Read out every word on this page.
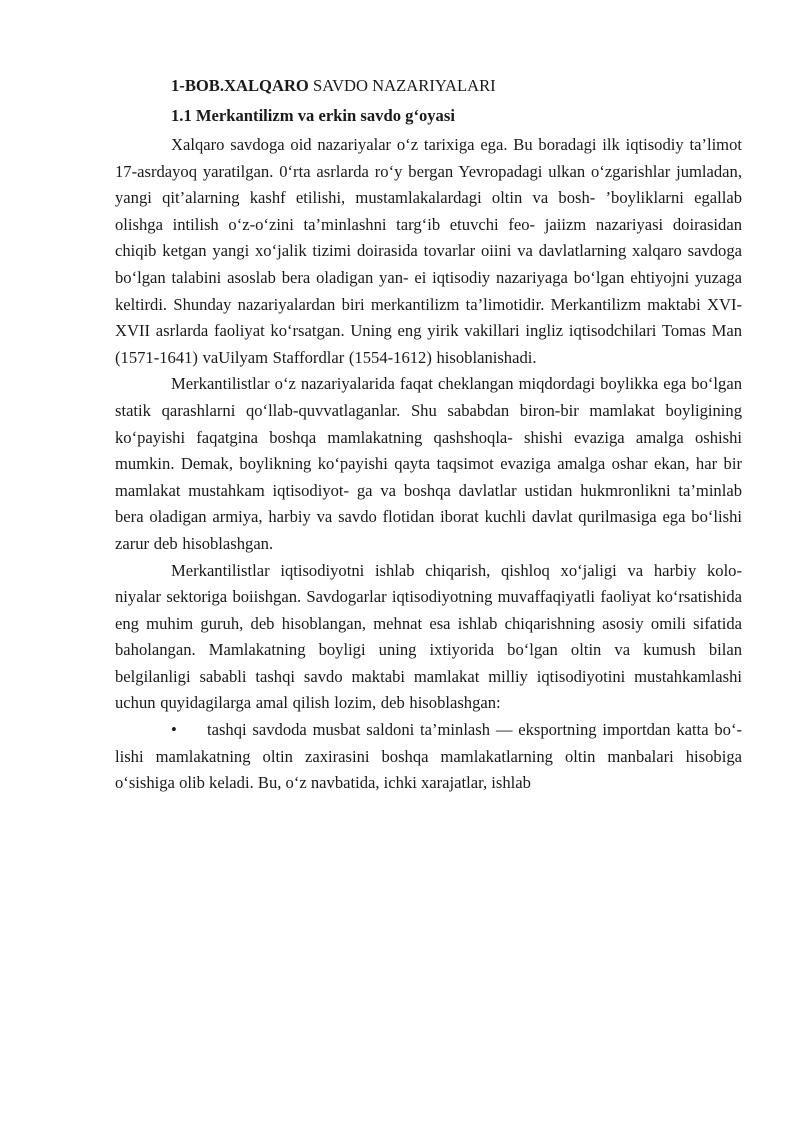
1-BOB.XALQARO SAVDO NAZARIYALARI
1.1 Merkantilizm va erkin savdo g‘oyasi

Xalqaro savdoga oid nazariyalar o‘z tarixiga ega. Bu boradagi ilk iqtisodiy ta’limot 17-asrdayoq yaratilgan. 0‘rta asrlarda ro‘y bergan Yevropadagi ulkan o‘zgarishlar jumladan, yangi qit’alarning kashf etilishi, mustamlakalardagi oltin va bosh- ’boyliklarni egallab olishga intilish o‘z-o‘zini ta’minlashni targ‘ib etuvchi feo- jaiizm nazariyasi doirasidan chiqib ketgan yangi xo‘jalik tizimi doirasida tovarlar oiini va davlatlarning xalqaro savdoga bo‘lgan talabini asoslab bera oladigan yan- ei iqtisodiy nazariyaga bo‘lgan ehtiyojni yuzaga keltirdi. Shunday nazariyalardan biri merkantilizm ta’limotidir. Merkantilizm maktabi XVI-XVII asrlarda faoliyat ko‘rsatgan. Uning eng yirik vakillari ingliz iqtisodchilari Tomas Man (1571-1641) vaUilyam Staffordlar (1554-1612) hisoblanishadi.

Merkantilistlar o‘z nazariyalarida faqat cheklangan miqdordagi boylikka ega bo‘lgan statik qarashlarni qo‘llab-quvvatlaganlar. Shu sababdan biron-bir mamlakat boyligining ko‘payishi faqatgina boshqa mamlakatning qashshoqla- shishi evaziga amalga oshishi mumkin. Demak, boylikning ko‘payishi qayta taqsimot evaziga amalga oshar ekan, har bir mamlakat mustahkam iqtisodiyot- ga va boshqa davlatlar ustidan hukmronlikni ta’minlab bera oladigan armiya, harbiy va savdo flotidan iborat kuchli davlat qurilmasiga ega bo‘lishi zarur deb hisoblashgan.

Merkantilistlar iqtisodiyotni ishlab chiqarish, qishloq xo‘jaligi va harbiy kolo- niyalar sektoriga boiishgan. Savdogarlar iqtisodiyotning muvaffaqiyatli faoliyat ko‘rsatishida eng muhim guruh, deb hisoblangan, mehnat esa ishlab chiqarishning asosiy omili sifatida baholangan. Mamlakatning boyligi uning ixtiyorida bo‘lgan oltin va kumush bilan belgilanligi sababli tashqi savdo maktabi mamlakat milliy iqtisodiyotini mustahkamlashi uchun quyidagilarga amal qilish lozim, deb hisoblashgan:

• tashqi savdoda musbat saldoni ta’minlash — eksportning importdan katta bo‘- lishi mamlakatning oltin zaxirasini boshqa mamlakatlarning oltin manbalari hisobiga o‘sishiga olib keladi. Bu, o‘z navbatida, ichki xarajatlar, ishlab
